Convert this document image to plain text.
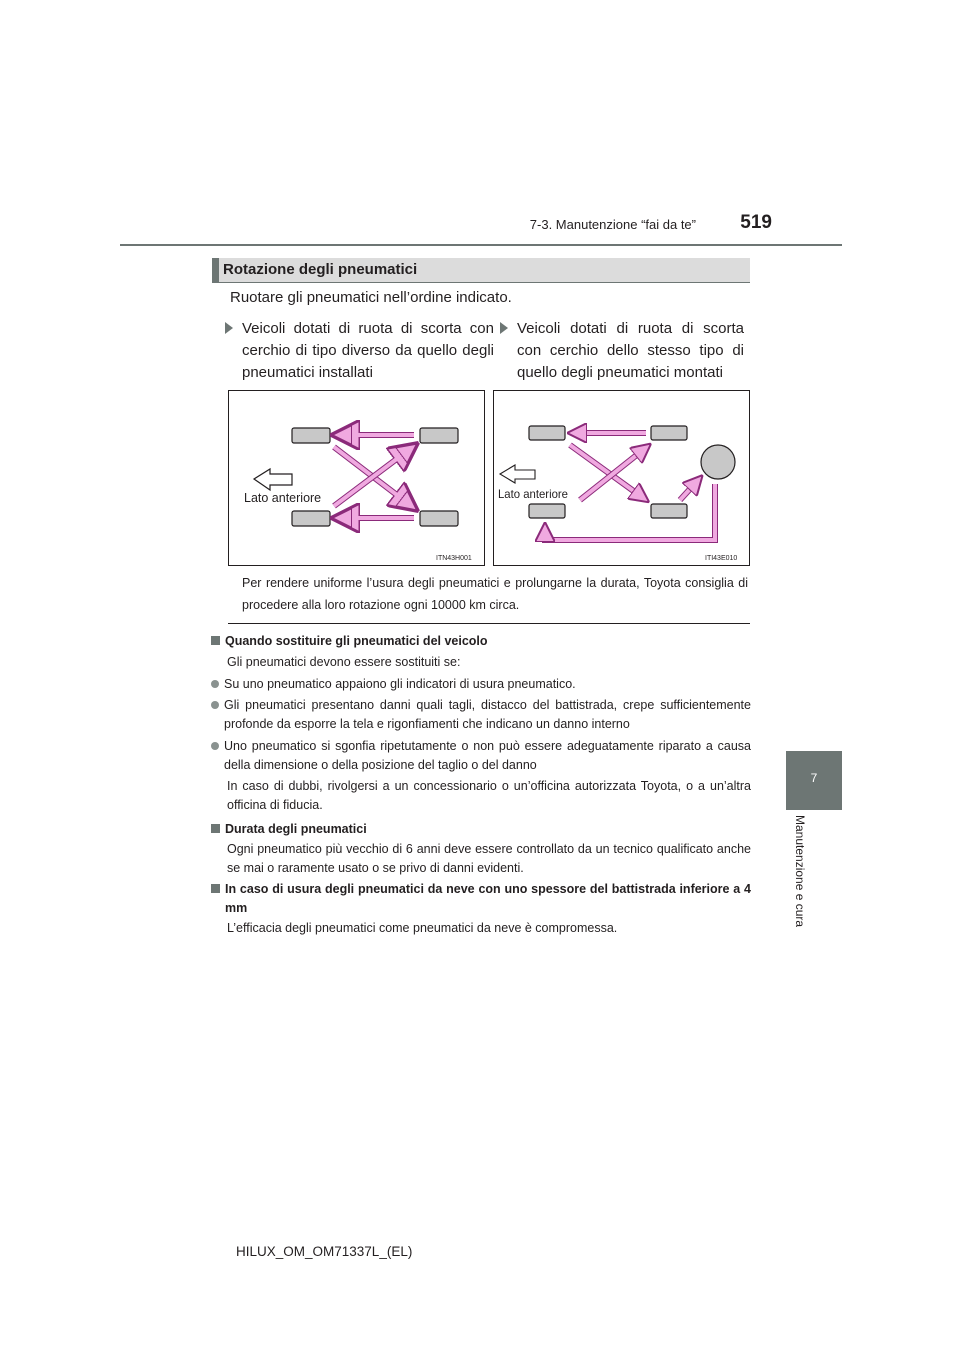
7-3. Manutenzione “fai da te”	519
7
Manutenzione e cura
Rotazione degli pneumatici
Ruotare gli pneumatici nell’ordine indicato.
Veicoli dotati di ruota di scorta con cerchio di tipo diverso da quello degli pneumatici installati
Veicoli dotati di ruota di scorta con cerchio dello stesso tipo di quello degli pneumatici montati
Lato anteriore
ITN43H001
Lato anteriore
ITI43E010
Per rendere uniforme l’usura degli pneumatici e prolungarne la durata, Toyota consiglia di procedere alla loro rotazione ogni 10000 km circa.
Quando sostituire gli pneumatici del veicolo
Gli pneumatici devono essere sostituiti se:
Su uno pneumatico appaiono gli indicatori di usura pneumatico.
Gli pneumatici presentano danni quali tagli, distacco del battistrada, crepe sufficientemente profonde da esporre la tela e rigonfiamenti che indicano un danno interno
Uno pneumatico si sgonfia ripetutamente o non può essere adeguatamente riparato a causa della dimensione o della posizione del taglio o del danno
In caso di dubbi, rivolgersi a un concessionario o un’officina autorizzata Toyota, o a un’altra officina di fiducia.
Durata degli pneumatici
Ogni pneumatico più vecchio di 6 anni deve essere controllato da un tecnico qualificato anche se mai o raramente usato o se privo di danni evidenti.
In caso di usura degli pneumatici da neve con uno spessore del battistrada inferiore a 4 mm
L’efficacia degli pneumatici come pneumatici da neve è compromessa.
HILUX_OM_OM71337L_(EL)
